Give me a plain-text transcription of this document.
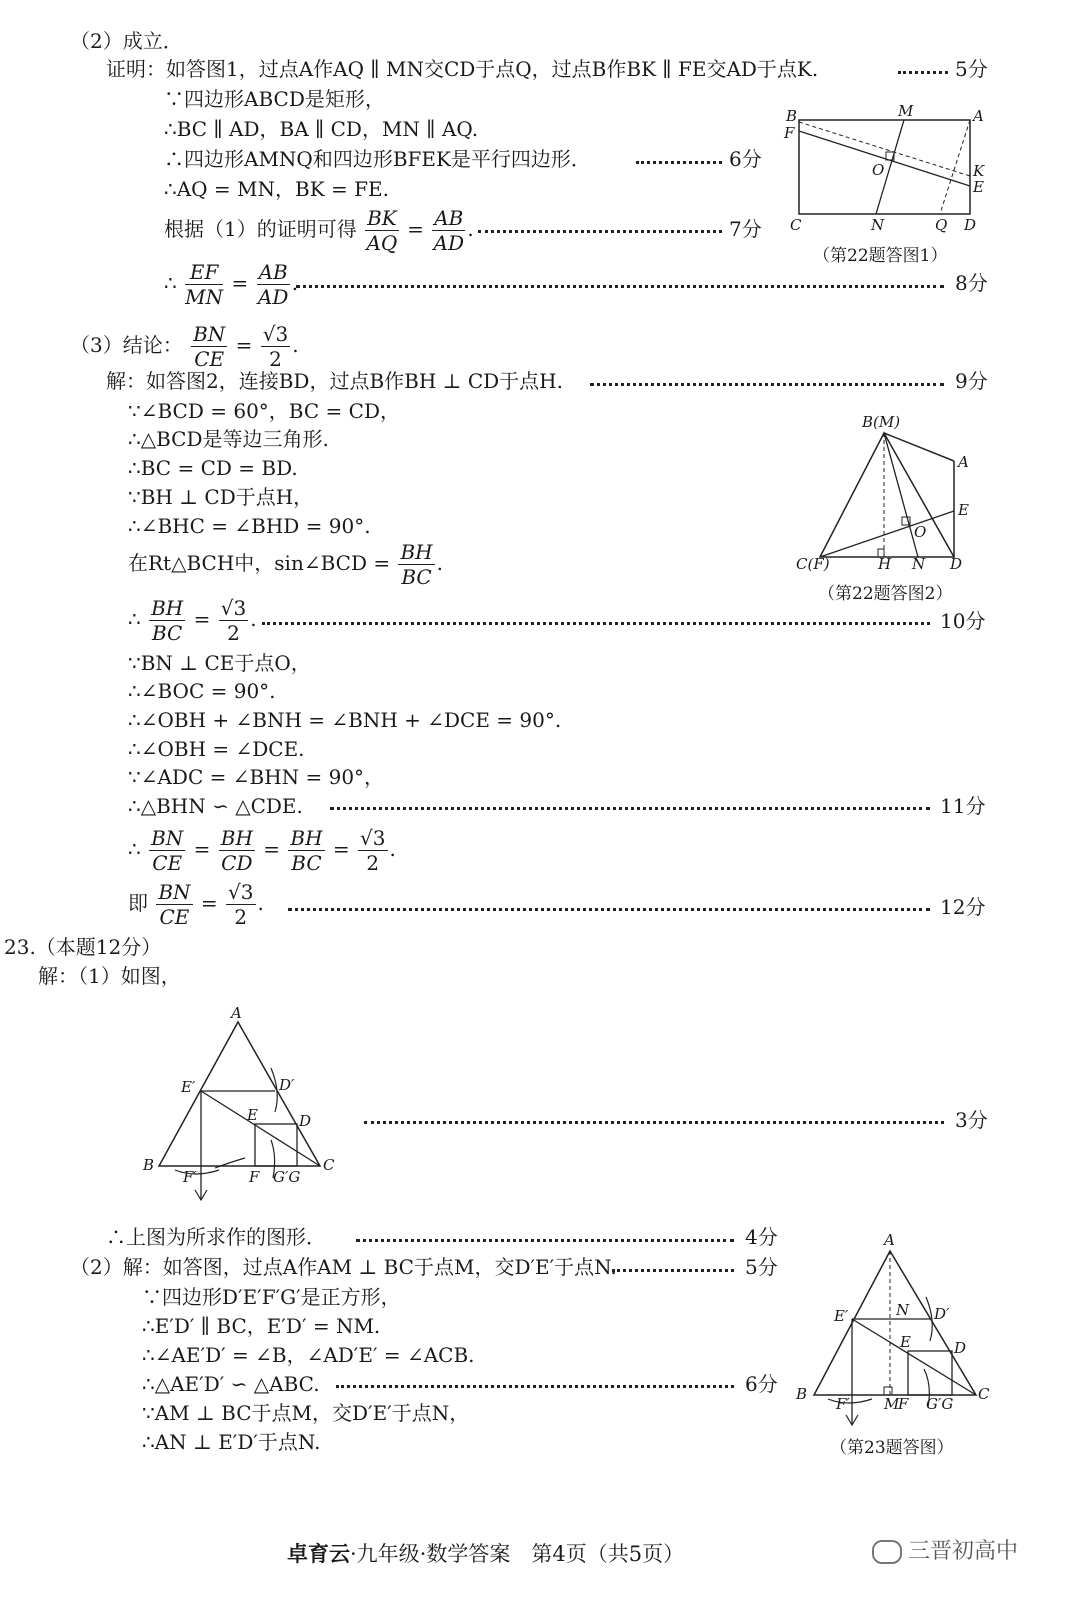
（2）成立．
证明：如答图1，过点A作AQ ∥ MN交CD于点Q，过点B作BK ∥ FE交AD于点K.	5分
∵四边形ABCD是矩形，
∴BC ∥ AD，BA ∥ CD，MN ∥ AQ.
∴四边形AMNQ和四边形BFEK是平行四边形．	6分
∴AQ = MN，BK = FE.
根据（1）的证明可得 $\frac{BK}{AQ} = \frac{AB}{AD}$ .	7分
∴ $\frac{EF}{MN} = \frac{AB}{AD}$ .	8分
B
F
M	A
K
E
O
C	N	Q D
（第22题答图1）
（3）结论： $\frac{BN}{CE} = \frac{√3}{2}$ .
解：如答图2，连接BD，过点B作BH ⊥ CD于点H.	9分
∵∠BCD = 60°，BC = CD，
∴△BCD是等边三角形.
∴BC = CD = BD.
∵BH ⊥ CD于点H，
∴∠BHC = ∠BHD = 90°.
在Rt△BCH中，sin∠BCD = $\frac{BH}{BC}$ .
∴ $\frac{BH}{BC} = \frac{√3}{2}$ .	10分
∵BN ⊥ CE于点O，
∴∠BOC = 90°.
∴∠OBH + ∠BNH = ∠BNH + ∠DCE = 90°.
∴∠OBH = ∠DCE.
∵∠ADC = ∠BHN = 90°，
∴△BHN ∽ △CDE.	11分
∴ $\frac{BN}{CE} = \frac{BH}{CD} = \frac{BH}{BC} = \frac{√3}{2}$ .
即 $\frac{BN}{CE} = \frac{√3}{2}$ .	12分
B(M)
A
E
O
C(F)	H N D
（第22题答图2）
23.（本题12分）
解：（1）如图，
A
E′	D′
E	D
B	C
F′	F G′G
3分
∴上图为所求作的图形．	4分
（2）解：如答图，过点A作AM ⊥ BC于点M，交D′E′于点N.	5分
∵四边形D′E′F′G′是正方形，
∴E′D′ ∥ BC，E′D′ = NM.
∴∠AE′D′ = ∠B，∠AD′E′ = ∠ACB.
∴△AE′D′ ∽ △ABC.	6分
∵AM ⊥ BC于点M，交D′E′于点N，
∴AN ⊥ E′D′于点N.
A
E′	N D′
E	D
B	C
F′ M
F G′G
（第23题答图）
卓育云·九年级·数学答案　第4页（共5页）	三晋初高中
